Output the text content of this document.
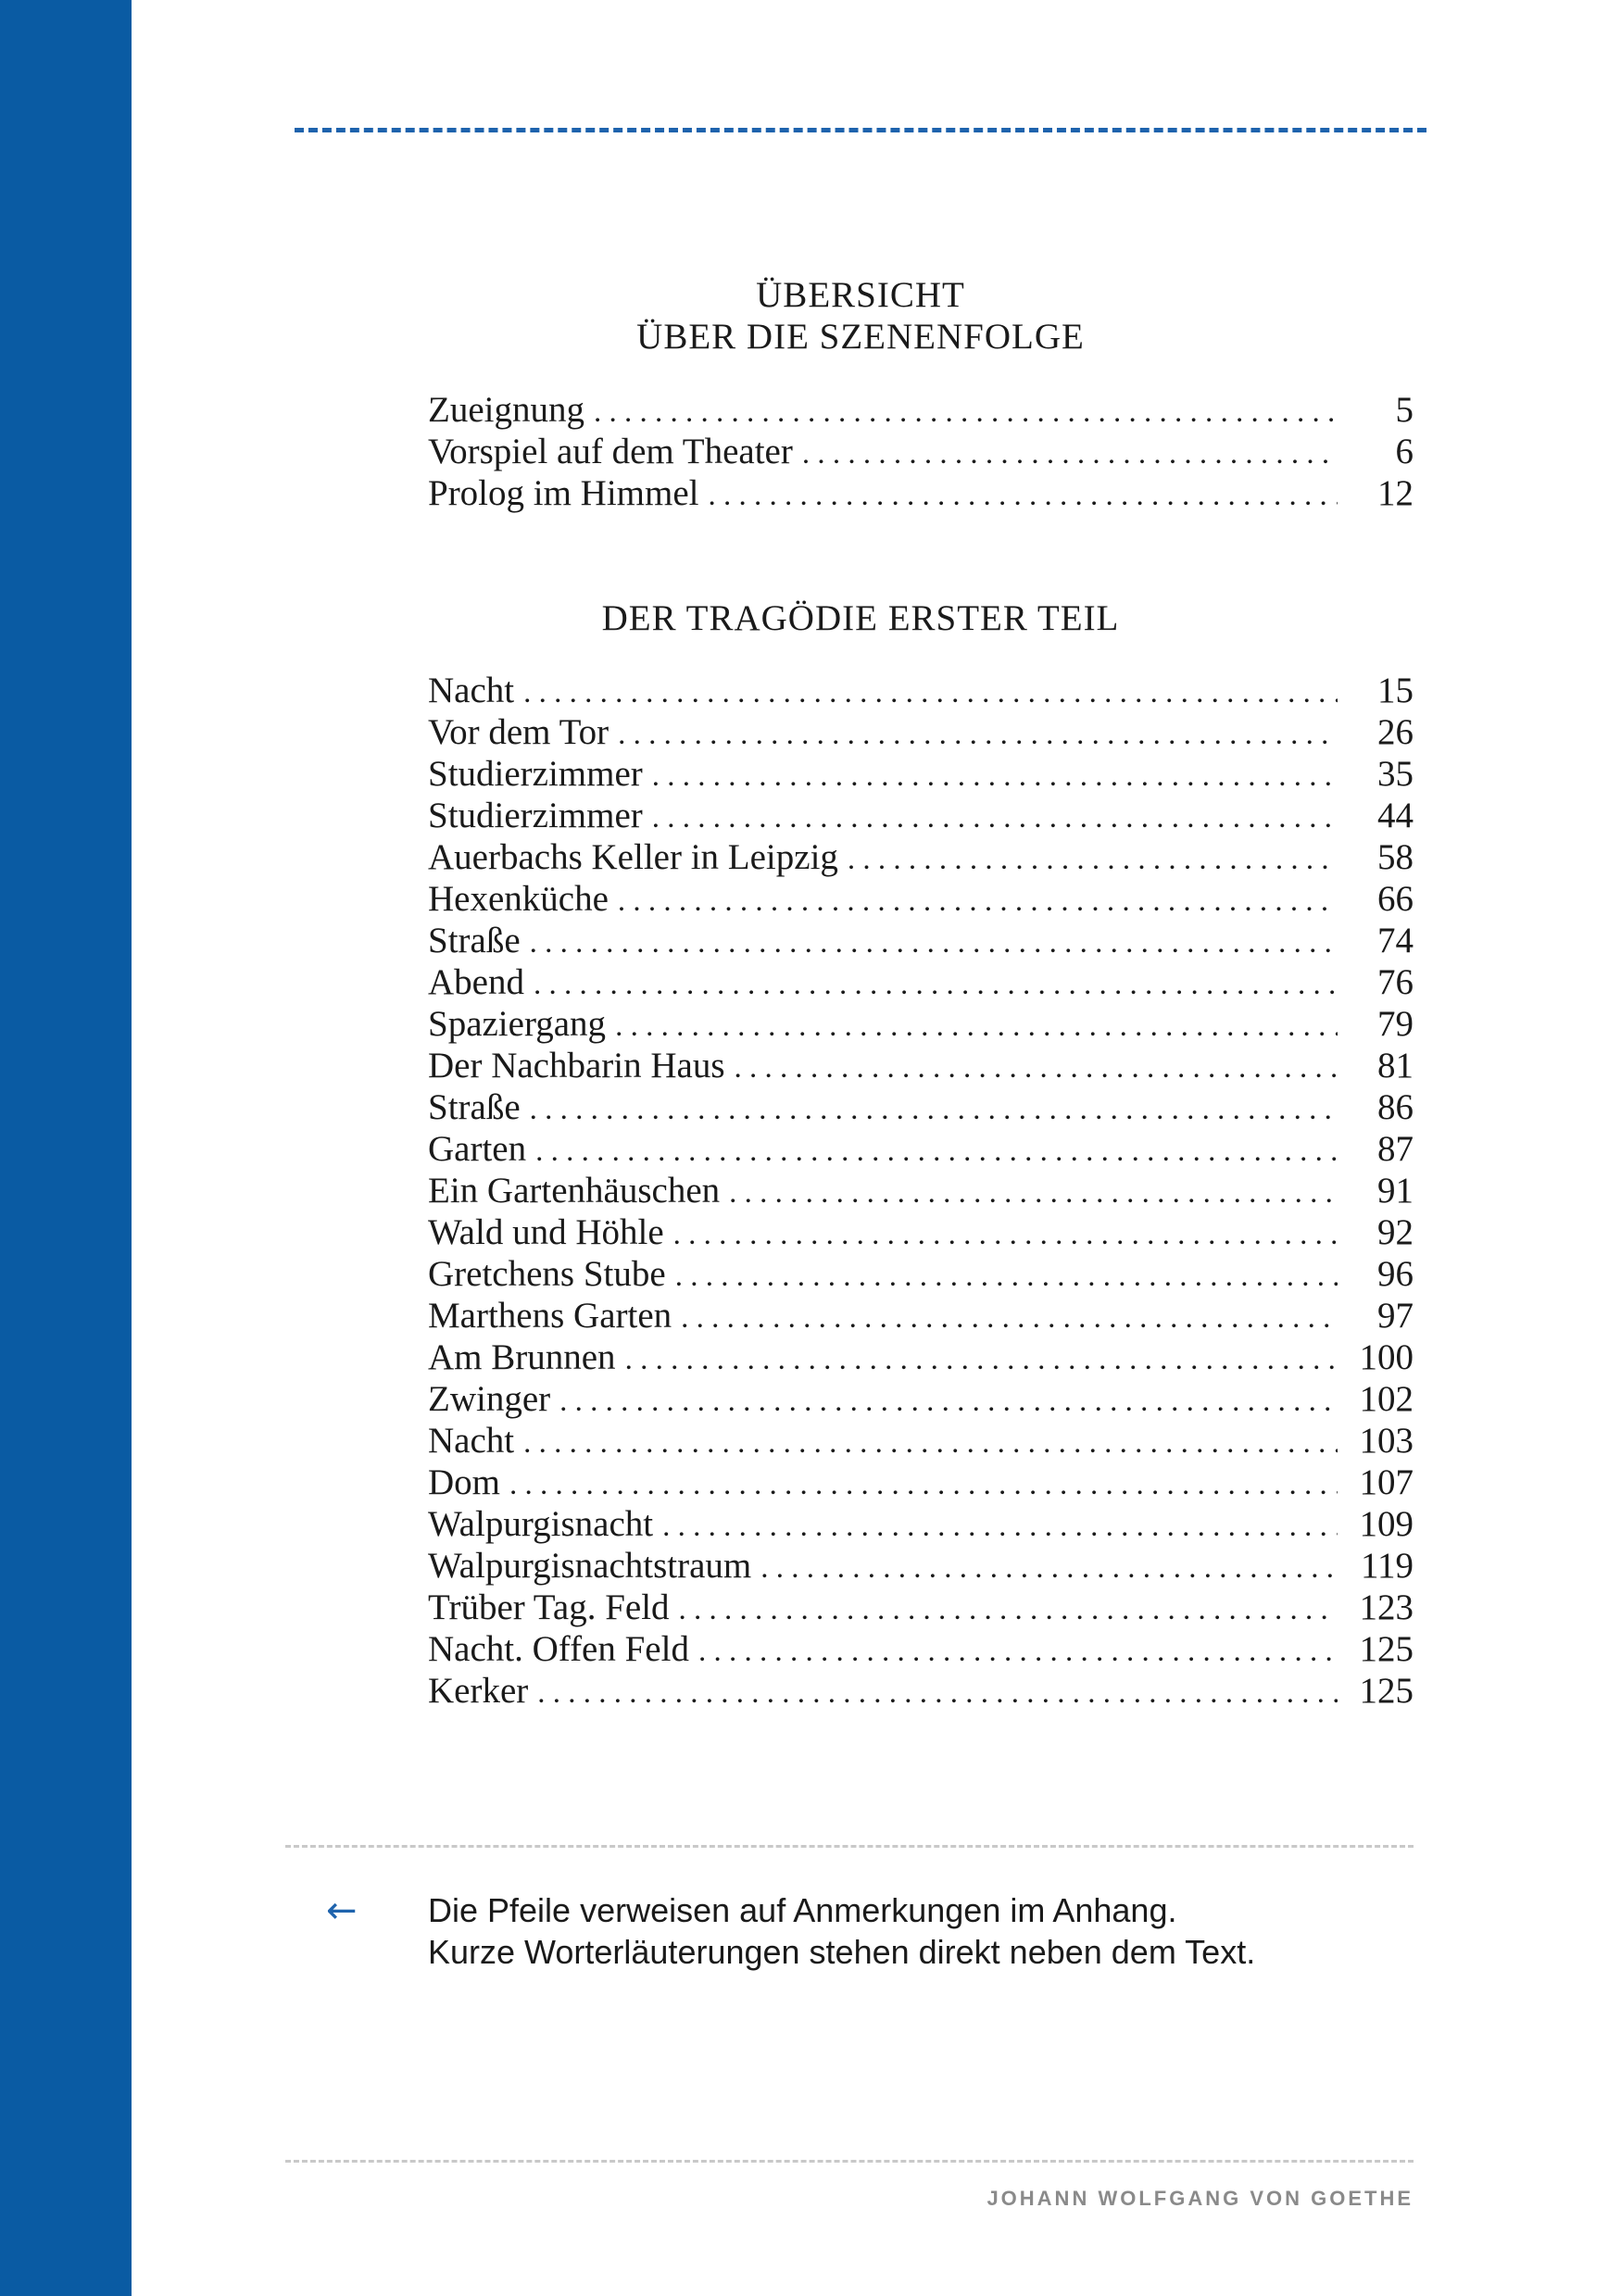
ÜBERSICHT
ÜBER DIE SZENENFOLGE
Zueignung . . .	5
Vorspiel auf dem Theater . . .	6
Prolog im Himmel . . .	12
DER TRAGÖDIE ERSTER TEIL
Nacht . . .	15
Vor dem Tor . . .	26
Studierzimmer . . .	35
Studierzimmer . . .	44
Auerbachs Keller in Leipzig . . .	58
Hexenküche . . .	66
Straße . . .	74
Abend . . .	76
Spaziergang . . .	79
Der Nachbarin Haus . . .	81
Straße . . .	86
Garten . . .	87
Ein Gartenhäuschen . . .	91
Wald und Höhle . . .	92
Gretchens Stube . . .	96
Marthens Garten . . .	97
Am Brunnen . . .	100
Zwinger . . .	102
Nacht . . .	103
Dom . . .	107
Walpurgisnacht . . .	109
Walpurgisnachtstraum . . .	119
Trüber Tag. Feld . . .	123
Nacht. Offen Feld . . .	125
Kerker . . .	125
← Die Pfeile verweisen auf Anmerkungen im Anhang.
Kurze Worterläuterungen stehen direkt neben dem Text.
JOHANN WOLFGANG VON GOETHE
